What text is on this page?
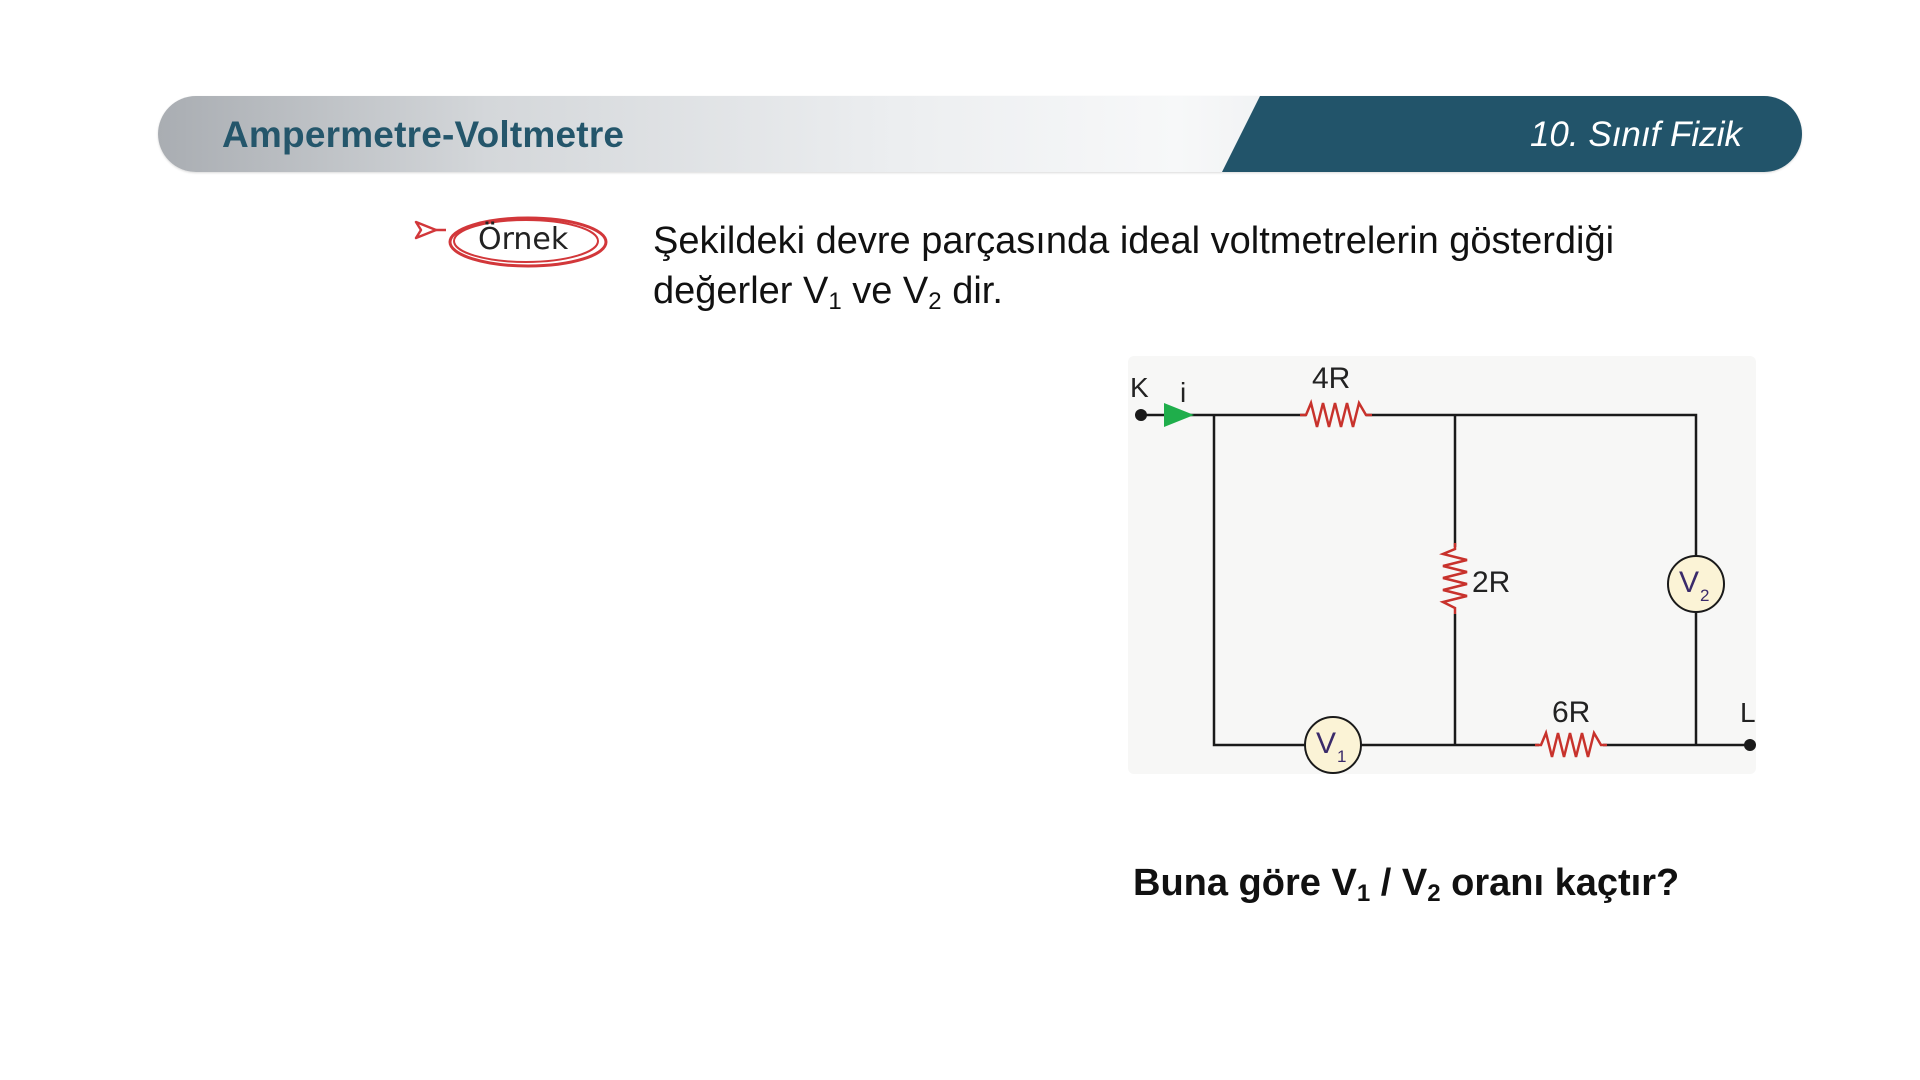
Ampermetre-Voltmetre	10. Sınıf Fizik
Örnek Şekildeki devre parçasında ideal voltmetrelerin gösterdiği
değerler $V_1$ ve $V_2$ dir.
K i	4R
2R
6R	L
V 1
V 2
Buna göre $V_1 / V_2$ oranı kaçtır?
